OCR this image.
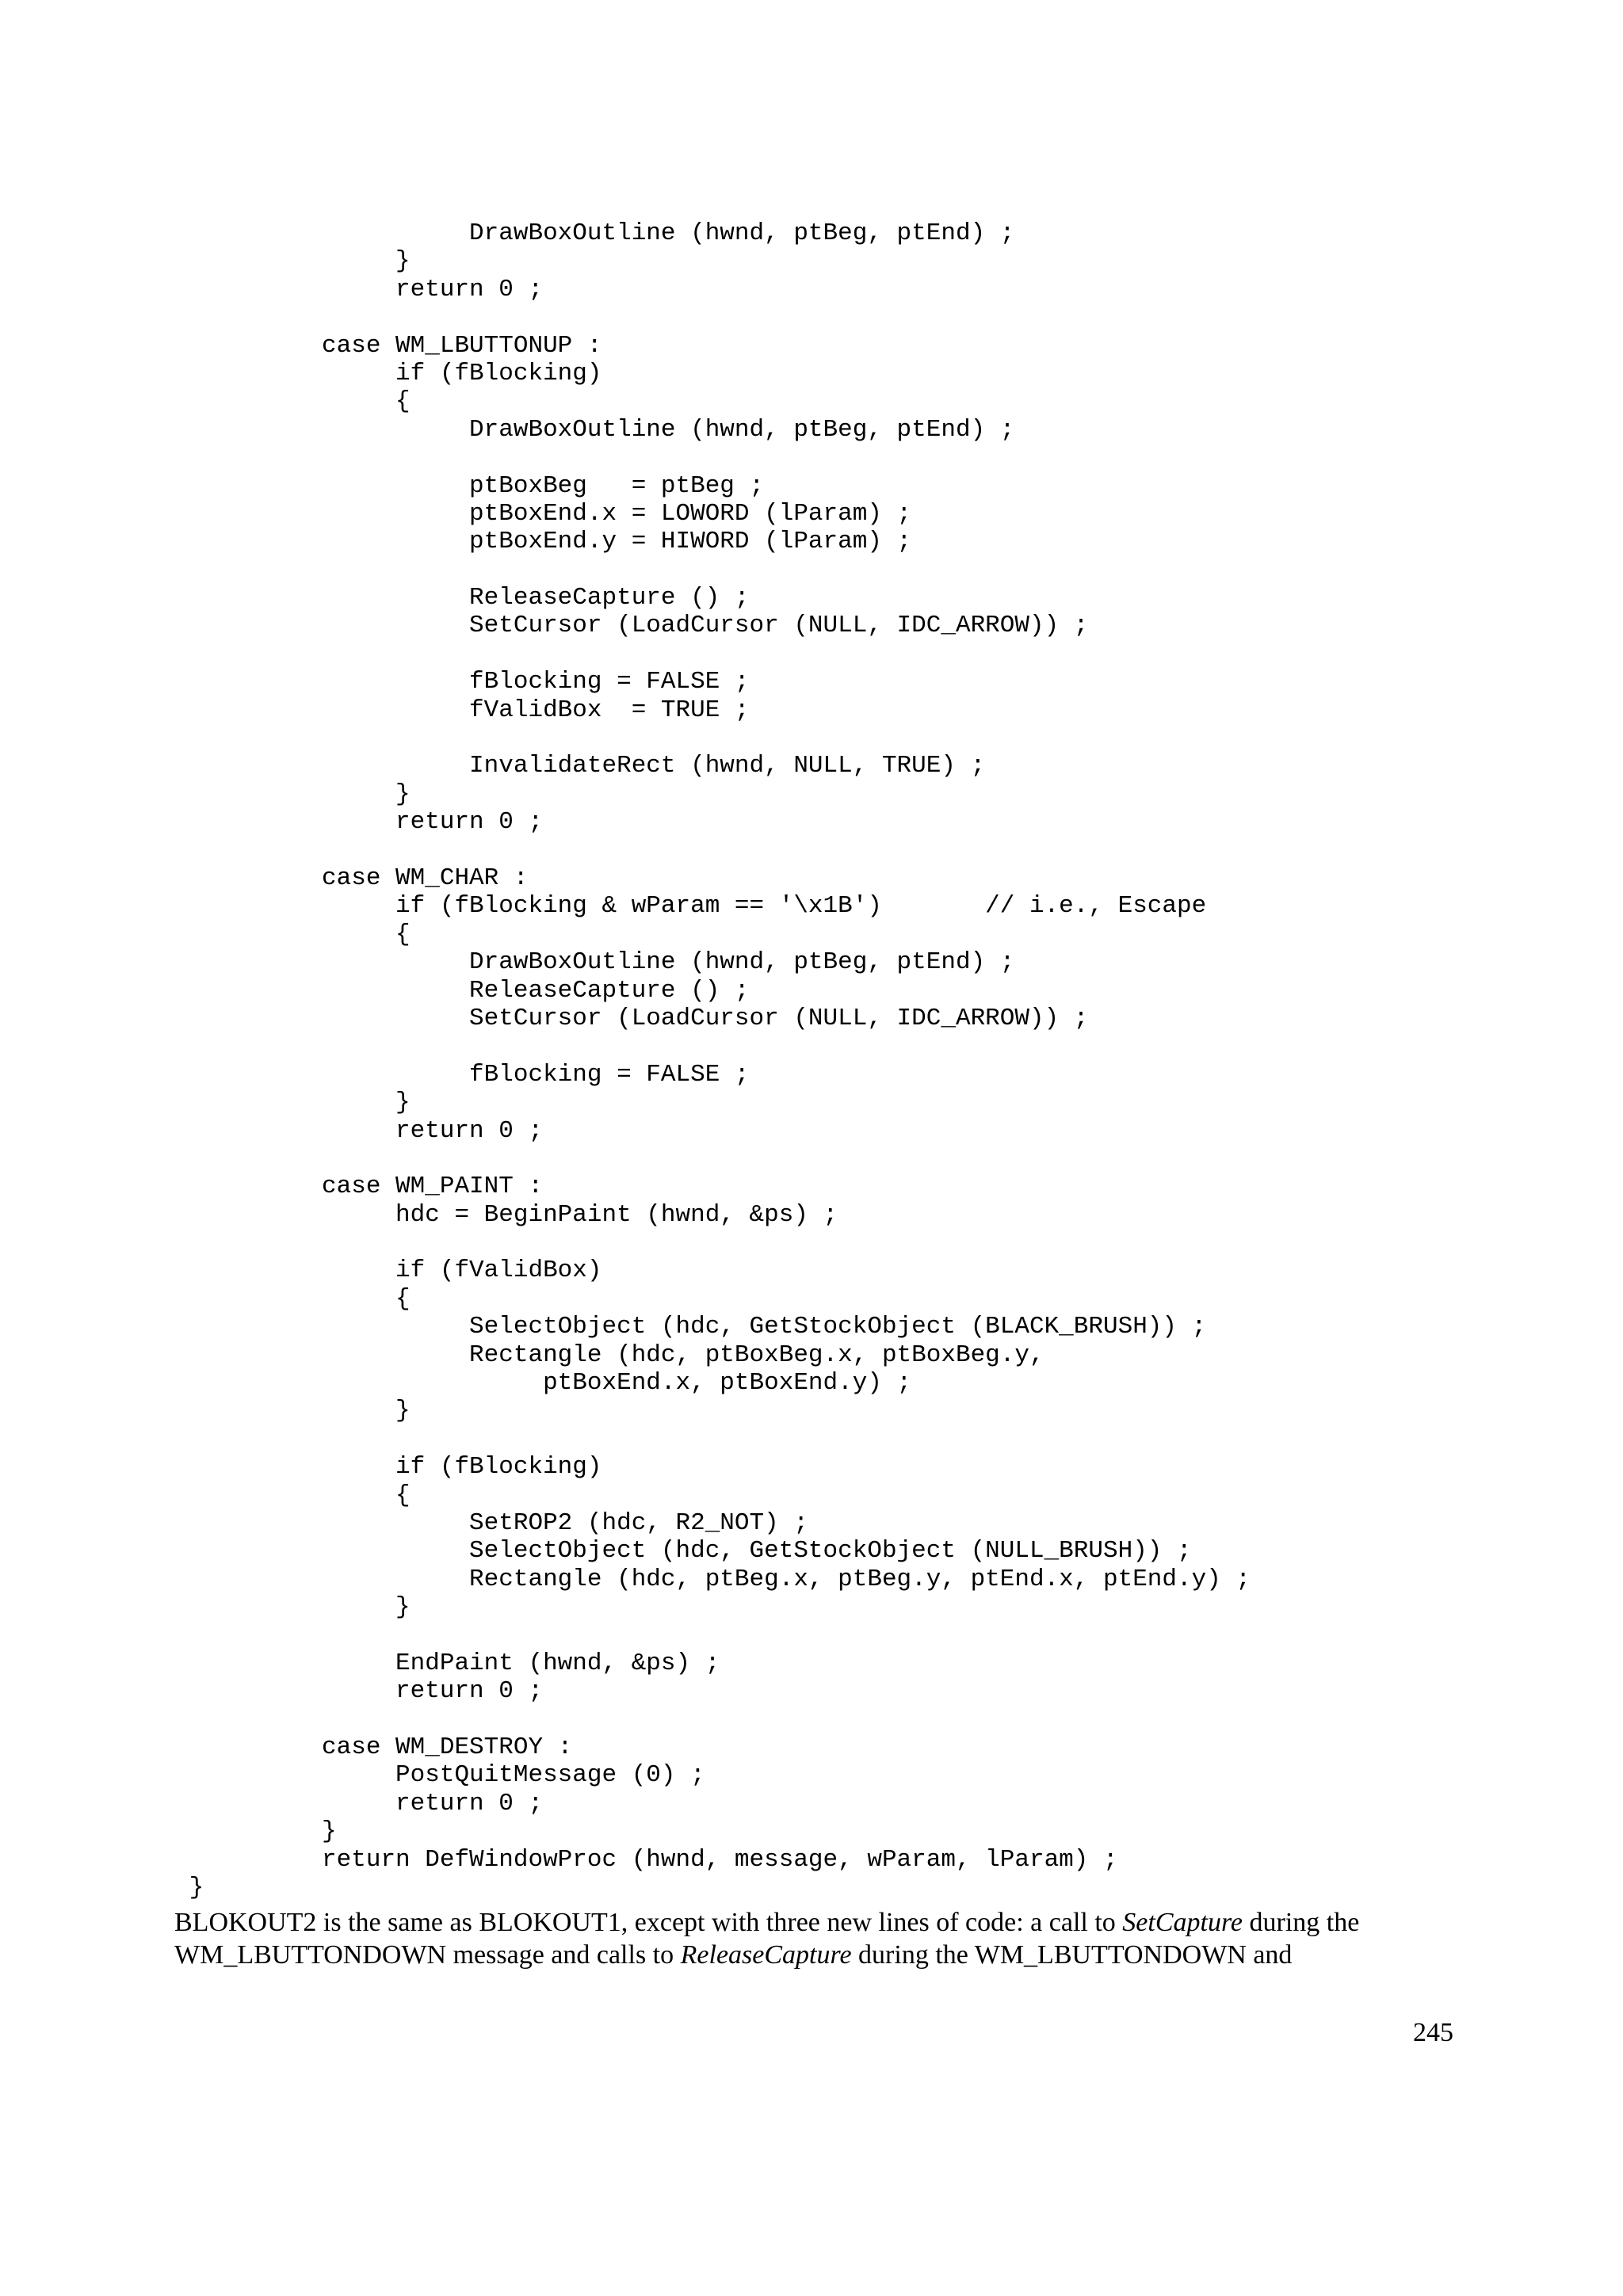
DrawBoxOutline (hwnd, ptBeg, ptEnd) ;
}
return 0 ;
case WM_LBUTTONUP :
if (fBlocking)
{
DrawBoxOutline (hwnd, ptBeg, ptEnd) ;
ptBoxBeg   = ptBeg ;
ptBoxEnd.x = LOWORD (lParam) ;
ptBoxEnd.y = HIWORD (lParam) ;
ReleaseCapture () ;
SetCursor (LoadCursor (NULL, IDC_ARROW)) ;
fBlocking = FALSE ;
fValidBox  = TRUE ;
InvalidateRect (hwnd, NULL, TRUE) ;
}
return 0 ;
case WM_CHAR :
if (fBlocking & wParam == '\x1B')       // i.e., Escape
{
DrawBoxOutline (hwnd, ptBeg, ptEnd) ;
ReleaseCapture () ;
SetCursor (LoadCursor (NULL, IDC_ARROW)) ;
fBlocking = FALSE ;
}
return 0 ;
case WM_PAINT :
hdc = BeginPaint (hwnd, &ps) ;
if (fValidBox)
{
SelectObject (hdc, GetStockObject (BLACK_BRUSH)) ;
Rectangle (hdc, ptBoxBeg.x, ptBoxBeg.y,
ptBoxEnd.x, ptBoxEnd.y) ;
}
if (fBlocking)
{
SetROP2 (hdc, R2_NOT) ;
SelectObject (hdc, GetStockObject (NULL_BRUSH)) ;
Rectangle (hdc, ptBeg.x, ptBeg.y, ptEnd.x, ptEnd.y) ;
}
EndPaint (hwnd, &ps) ;
return 0 ;
case WM_DESTROY :
PostQuitMessage (0) ;
return 0 ;
}
return DefWindowProc (hwnd, message, wParam, lParam) ;
}

BLOKOUT2 is the same as BLOKOUT1, except with three new lines of code: a call to SetCapture during the WM_LBUTTONDOWN message and calls to ReleaseCapture during the WM_LBUTTONDOWN and

245
